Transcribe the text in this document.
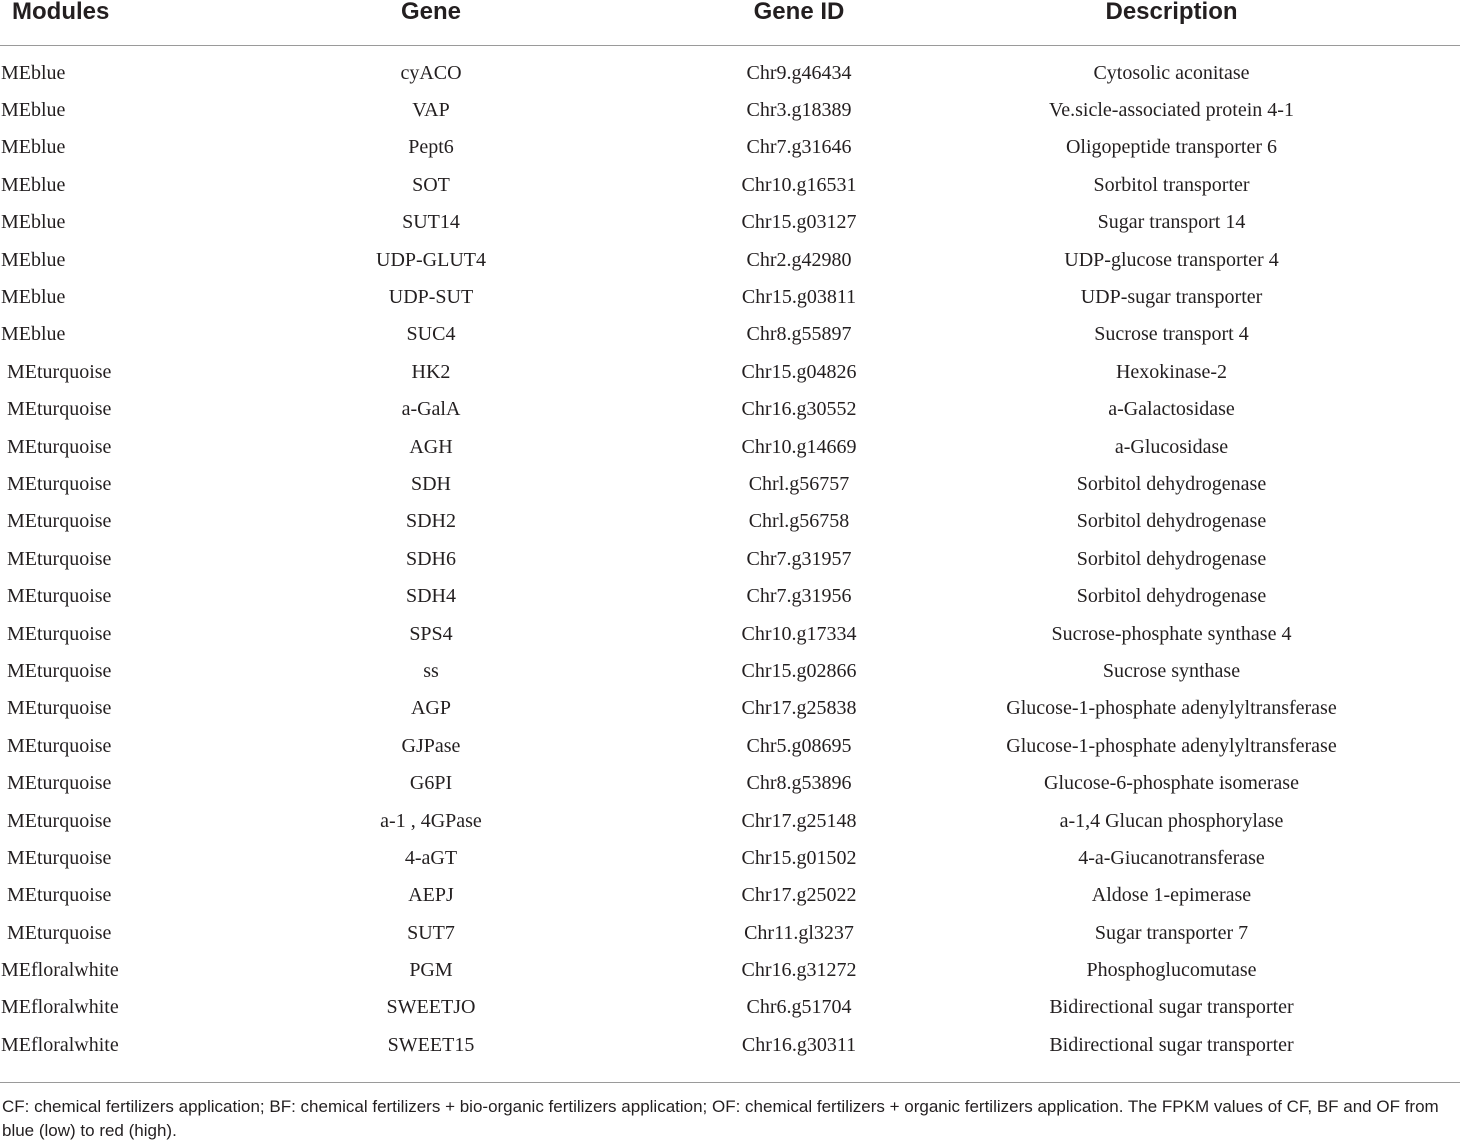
Modules	Gene	Gene ID	Description
MEblue	cyACO	Chr9.g46434	Cytosolic aconitase
MEblue	VAP	Chr3.g18389	Ve.sicle-associated protein 4-1
MEblue	Pept6	Chr7.g31646	Oligopeptide transporter 6
MEblue	SOT	Chr10.g16531	Sorbitol transporter
MEblue	SUT14	Chr15.g03127	Sugar transport 14
MEblue	UDP-GLUT4	Chr2.g42980	UDP-glucose transporter 4
MEblue	UDP-SUT	Chr15.g03811	UDP-sugar transporter
MEblue	SUC4	Chr8.g55897	Sucrose transport 4
MEturquoise	HK2	Chr15.g04826	Hexokinase-2
MEturquoise	a-GalA	Chr16.g30552	a-Galactosidase
MEturquoise	AGH	Chr10.g14669	a-Glucosidase
MEturquoise	SDH	Chrl.g56757	Sorbitol dehydrogenase
MEturquoise	SDH2	Chrl.g56758	Sorbitol dehydrogenase
MEturquoise	SDH6	Chr7.g31957	Sorbitol dehydrogenase
MEturquoise	SDH4	Chr7.g31956	Sorbitol dehydrogenase
MEturquoise	SPS4	Chr10.g17334	Sucrose-phosphate synthase 4
MEturquoise	ss	Chr15.g02866	Sucrose synthase
MEturquoise	AGP	Chr17.g25838	Glucose-1-phosphate adenylyltransferase
MEturquoise	GJPase	Chr5.g08695	Glucose-1-phosphate adenylyltransferase
MEturquoise	G6PI	Chr8.g53896	Glucose-6-phosphate isomerase
MEturquoise	a-1 , 4GPase	Chr17.g25148	a-1,4 Glucan phosphorylase
MEturquoise	4-aGT	Chr15.g01502	4-a-Giucanotransferase
MEturquoise	AEPJ	Chr17.g25022	Aldose 1-epimerase
MEturquoise	SUT7	Chr11.gl3237	Sugar transporter 7
MEfloralwhite	PGM	Chr16.g31272	Phosphoglucomutase
MEfloralwhite	SWEETJO	Chr6.g51704	Bidirectional sugar transporter
MEfloralwhite	SWEET15	Chr16.g30311	Bidirectional sugar transporter
CF: chemical fertilizers application; BF: chemical fertilizers + bio-organic fertilizers application; OF: chemical fertilizers + organic fertilizers application. The FPKM values of CF, BF and OF from blue (low) to red (high).
